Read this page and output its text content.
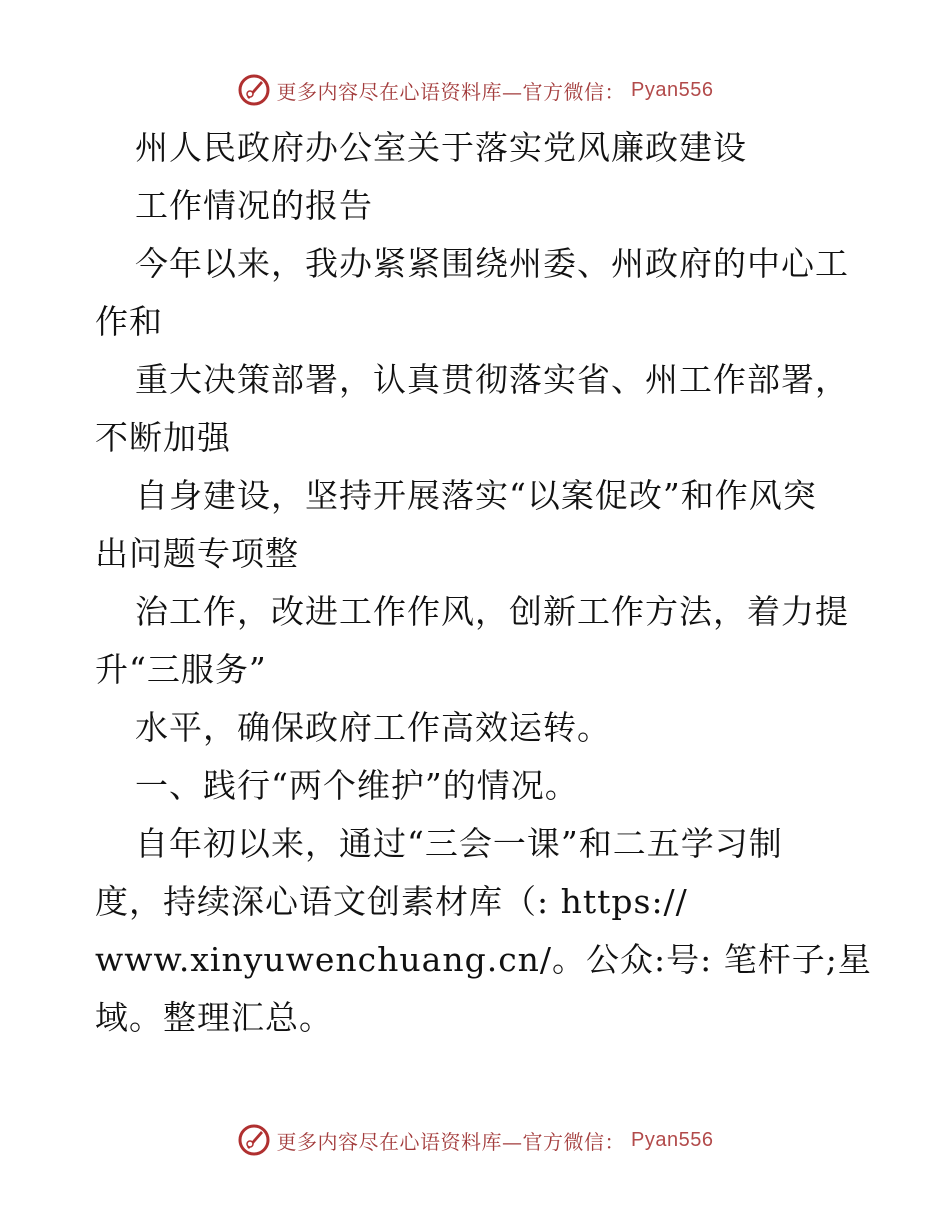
更多内容尽在心语资料库—官方微信： Pyan556
州人民政府办公室关于落实党风廉政建设
工作情况的报告
今年以来，我办紧紧围绕州委、州政府的中心工
作和
重大决策部署，认真贯彻落实省、州工作部署，
不断加强
自身建设，坚持开展落实“以案促改”和作风突
出问题专项整
治工作，改进工作作风，创新工作方法，着力提
升“三服务”
水平，确保政府工作高效运转。
一、践行“两个维护”的情况。
自年初以来，通过“三会一课”和二五学习制
度，持续深心语文创素材库（: https://
www.xinyuwenchuang.cn/。公众:号: 笔杆子;星
域。整理汇总。
更多内容尽在心语资料库—官方微信： Pyan556
